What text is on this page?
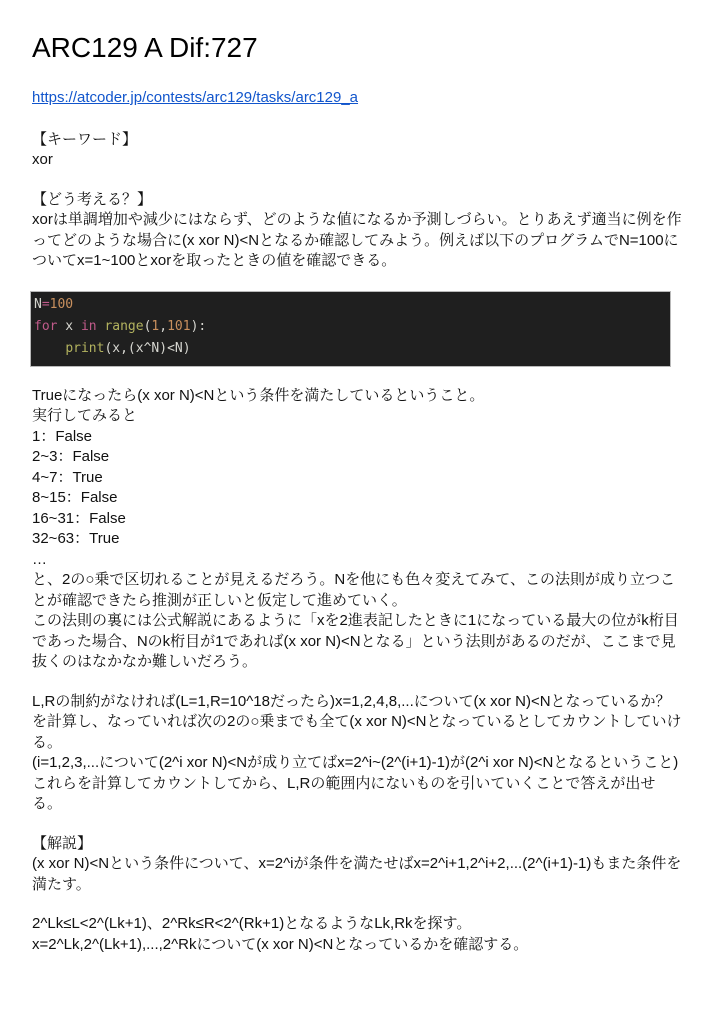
ARC129 A Dif:727
https://atcoder.jp/contests/arc129/tasks/arc129_a
【キーワード】
xor
【どう考える？】
xorは単調増加や減少にはならず、どのような値になるか予測しづらい。とりあえず適当に例を作ってどのような場合に(x xor N)<Nとなるか確認してみよう。例えば以下のプログラムでN=100についてx=1~100とxorを取ったときの値を確認できる。
N=100
for x in range(1,101):
print(x,(x^N)<N)
Trueになったら(x xor N)<Nという条件を満たしているということ。
実行してみると
1：False
2~3：False
4~7：True
8~15：False
16~31：False
32~63：True
…
と、2の○乗で区切れることが見えるだろう。Nを他にも色々変えてみて、この法則が成り立つことが確認できたら推測が正しいと仮定して進めていく。
この法則の裏には公式解説にあるように「xを2進表記したときに1になっている最大の位がk桁目であった場合、Nのk桁目が1であれば(x xor N)<Nとなる」という法則があるのだが、ここまで見抜くのはなかなか難しいだろう。
L,Rの制約がなければ(L=1,R=10^18だったら)x=1,2,4,8,...について(x xor N)<Nとなっているか？を計算し、なっていれば次の2の○乗までも全て(x xor N)<Nとなっているとしてカウントしていける。
(i=1,2,3,...について(2^i xor N)<Nが成り立てばx=2^i~(2^(i+1)-1)が(2^i xor N)<Nとなるということ)
これらを計算してカウントしてから、L,Rの範囲内にないものを引いていくことで答えが出せる。
【解説】
(x xor N)<Nという条件について、x=2^iが条件を満たせばx=2^i+1,2^i+2,...(2^(i+1)-1)もまた条件を満たす。
2^Lk≤L<2^(Lk+1)、2^Rk≤R<2^(Rk+1)となるようなLk,Rkを探す。
x=2^Lk,2^(Lk+1),...,2^Rkについて(x xor N)<Nとなっているかを確認する。
